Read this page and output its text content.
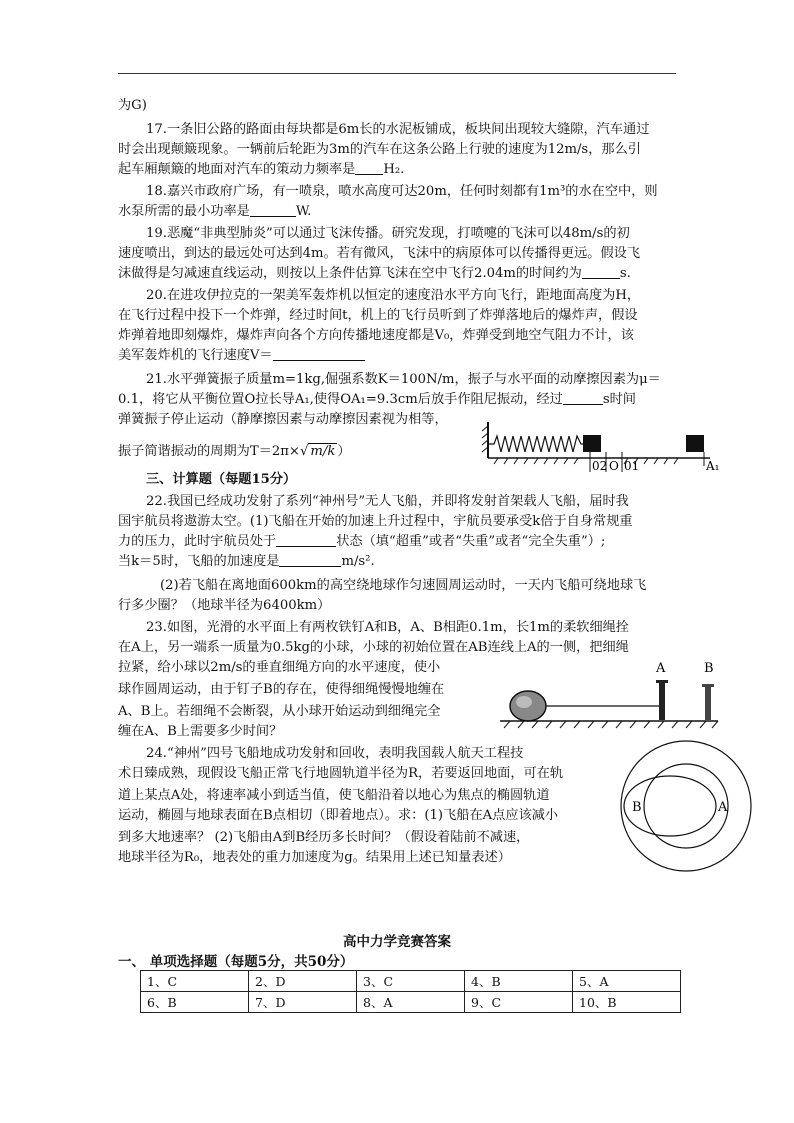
为G)
17.一条旧公路的路面由每块都是6m长的水泥板铺成，板块间出现较大缝隙，汽车通过
时会出现颠簸现象。一辆前后轮距为3m的汽车在这条公路上行驶的速度为12m/s，那么引
起车厢颠簸的地面对汽车的策动力频率是 H₂.
18.嘉兴市政府广场，有一喷泉，喷水高度可达20m，任何时刻都有1m³的水在空中，则
水泵所需的最小功率是	W.
19.恶魔“非典型肺炎”可以通过飞沫传播。研究发现，打喷嚏的飞沫可以48m/s的初
速度喷出，到达的最远处可达到4m。若有微风，飞沫中的病原体可以传播得更远。假设飞
沫做得是匀减速直线运动，则按以上条件估算飞沫在空中飞行2.04m的时间约为	s.
20.在进攻伊拉克的一架美军轰炸机以恒定的速度沿水平方向飞行，距地面高度为H，
在飞行过程中投下一个炸弹，经过时间t，机上的飞行员听到了炸弹落地后的爆炸声，假设
炸弹着地即刻爆炸，爆炸声向各个方向传播地速度都是V₀，炸弹受到地空气阻力不计，该
美军轰炸机的飞行速度V＝
21.水平弹簧振子质量m=1kg,倔强系数K＝100N/m，振子与水平面的动摩擦因素为μ＝
0.1，将它从平衡位置O拉长导A₁,使得OA₁=9.3cm后放手作阻尼振动，经过	s时间
弹簧振子停止运动（静摩擦因素与动摩擦因素视为相等，
振子简谐振动的周期为T＝2π×√ m/k ）
02 O 01	A₁
三、计算题（每题15分）
22.我国已经成功发射了系列“神州号”无人飞船，并即将发射首架载人飞船，届时我
国宇航员将遨游太空。(1)飞船在开始的加速上升过程中，宇航员要承受k倍于自身常规重
力的压力，此时宇航员处于	状态（填“超重”或者“失重”或者“完全失重”）;
当k＝5时，飞船的加速度是	m/s².
(2)若飞船在离地面600km的高空绕地球作匀速圆周运动时，一天内飞船可绕地球飞
行多少圈？（地球半径为6400km）
23.如图，光滑的水平面上有两枚铁钉A和B，A、B相距0.1m，长1m的柔软细绳拴
在A上，另一端系一质量为0.5kg的小球，小球的初始位置在AB连线上A的一侧，把细绳
拉紧，给小球以2m/s的垂直细绳方向的水平速度，使小
球作圆周运动，由于钉子B的存在，使得细绳慢慢地缠在
A、B上。若细绳不会断裂，从小球开始运动到细绳完全
缠在A、B上需要多少时间？
A	B
24.“神州”四号飞船地成功发射和回收，表明我国载人航天工程技
术日臻成熟，现假设飞船正常飞行地圆轨道半径为R，若要返回地面，可在轨
道上某点A处，将速率减小到适当值，使飞船沿着以地心为焦点的椭圆轨道
运动，椭圆与地球表面在B点相切（即着地点）。求：(1)飞船在A点应该减小
到多大地速率？ (2)飞船由A到B经历多长时间？（假设着陆前不减速，
地球半径为R₀，地表处的重力加速度为g。结果用上述已知量表述）
B	A
高中力学竞赛答案
一、 单项选择题（每题5分，共50分）
1、C	2、D	3、C	4、B	5、A
6、B	7、D	8、A	9、C	10、B
